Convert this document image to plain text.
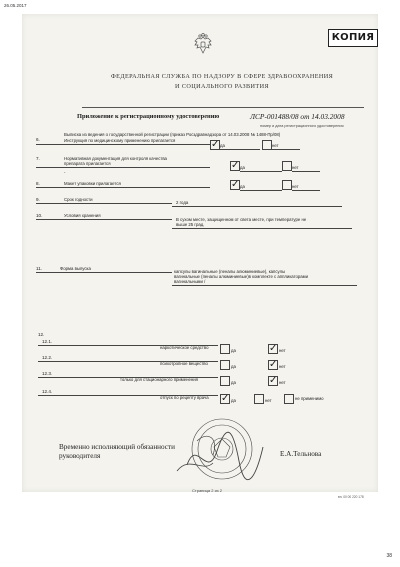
26.05.2017
КОПИЯ
ФЕДЕРАЛЬНАЯ СЛУЖБА ПО НАДЗОРУ В СФЕРЕ ЗДРАВООХРАНЕНИЯ
И СОЦИАЛЬНОГО РАЗВИТИЯ
Приложение к регистрационному удостоверению	ЛСР-001488/08 от 14.03.2008
номер и дата регистрационного удостоверения
6.
Выписка из ведения о государственной регистрации (приказ Росздравнадзора от 14.03.2008 № 1488-Пр/08)
Инструкция по медицинскому применению прилагается	✓ да	нет
7.	Нормативная документация для контроля качества
препарата прилагается
-
✓ да	нет
8.	Макет упаковки прилагается	✓ да	нет
9.	Срок годности
2 года
10.	Условия хранения
В сухом месте, защищенном от света месте, при температуре не
выше 25 град.
11.	Форма выпуска
капсулы вагинальные (пеналы алюминиевые), капсулы
вагинальные (пеналы алюминиевые)в комплекте с аппликаторами
вагинальными /
12.
12.1.
наркотическое средство
да	✓ нет
12.2.
психотропное вещество
да	✓ нет
12.3.
только для стационарного применения
да	✓ нет
12.4.
отпуск по рецепту врача ✓ да	нет	не применимо
Временно исполняющий обязанности
руководителя	Е.А.Тельнова
Страница 2 из 2
вн. 00 00 220 178
38
